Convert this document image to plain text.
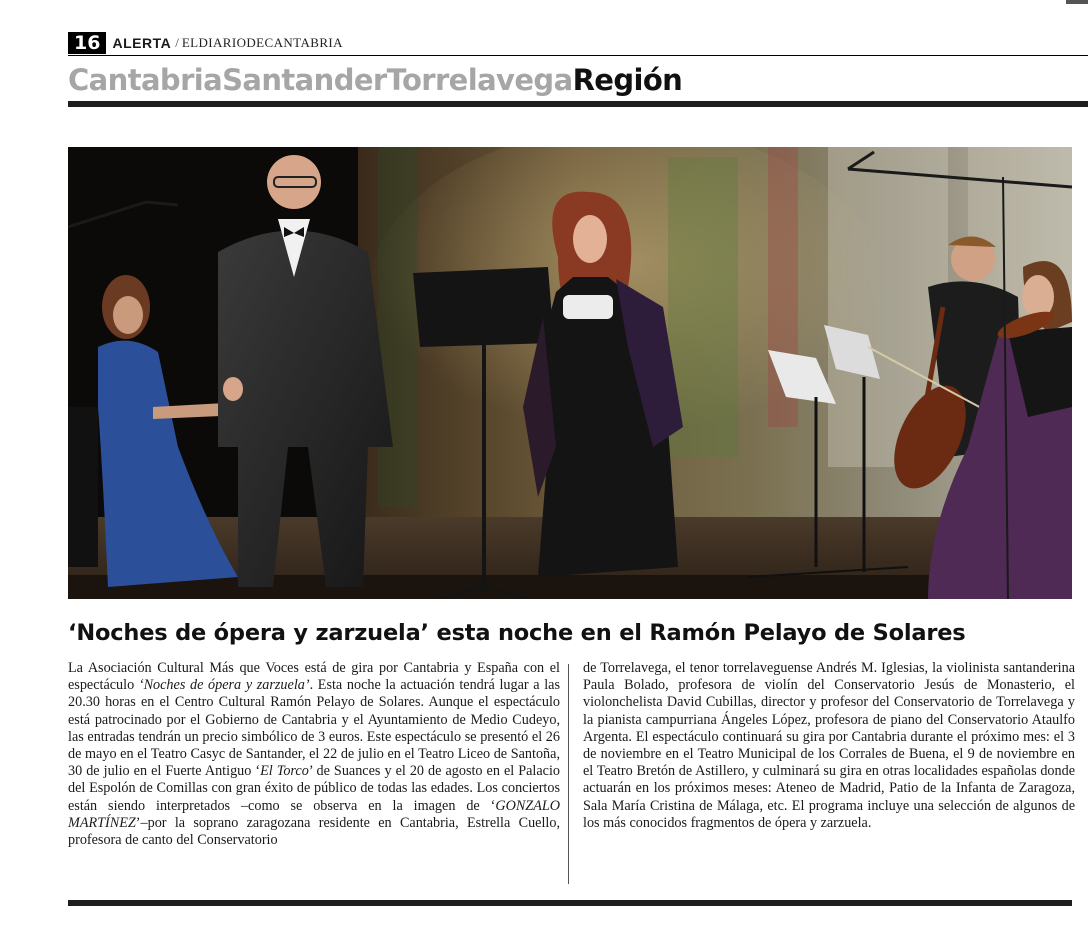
16 ALERTA / ELDIARIODECANTABRIA
Cantabria Santander Torrelavega Región
‘Noches de ópera y zarzuela’ esta noche en el Ramón Pelayo de Solares

La Asociación Cultural Más que Voces está de gira por Cantabria y España con el espectáculo ‘Noches de ópera y zarzuela’. Esta noche la actuación tendrá lugar a las 20.30 horas en el Centro Cultural Ramón Pelayo de Solares. Aunque el espectáculo está patrocinado por el Gobierno de Cantabria y el Ayuntamiento de Medio Cudeyo, las entradas tendrán un precio simbólico de 3 euros. Este espectáculo se presentó el 26 de mayo en el Teatro Casyc de Santander, el 22 de julio en el Teatro Liceo de Santoña, 30 de julio en el Fuerte Antiguo ‘El Torco’ de Suances y el 20 de agosto en el Palacio del Espolón de Comillas con gran éxito de público de todas las edades. Los conciertos están siendo interpretados –como se observa en la imagen de ‘GONZALO MARTÍNEZ’–por la soprano zaragozana residente en Cantabria, Estrella Cuello, profesora de canto del Conservatorio

de Torrelavega, el tenor torrelaveguense Andrés M. Iglesias, la violinista santanderina Paula Bolado, profesora de violín del Conservatorio Jesús de Monasterio, el violonchelista David Cubillas, director y profesor del Conservatorio de Torrelavega y la pianista campurriana Ángeles López, profesora de piano del Conservatorio Ataulfo Argenta. El espectáculo continuará su gira por Cantabria durante el próximo mes: el 3 de noviembre en el Teatro Municipal de los Corrales de Buena, el 9 de noviembre en el Teatro Bretón de Astillero, y culminará su gira en otras localidades españolas donde actuarán en los próximos meses: Ateneo de Madrid, Patio de la Infanta de Zaragoza, Sala María Cristina de Málaga, etc. El programa incluye una selección de algunos de los más conocidos fragmentos de ópera y zarzuela.
